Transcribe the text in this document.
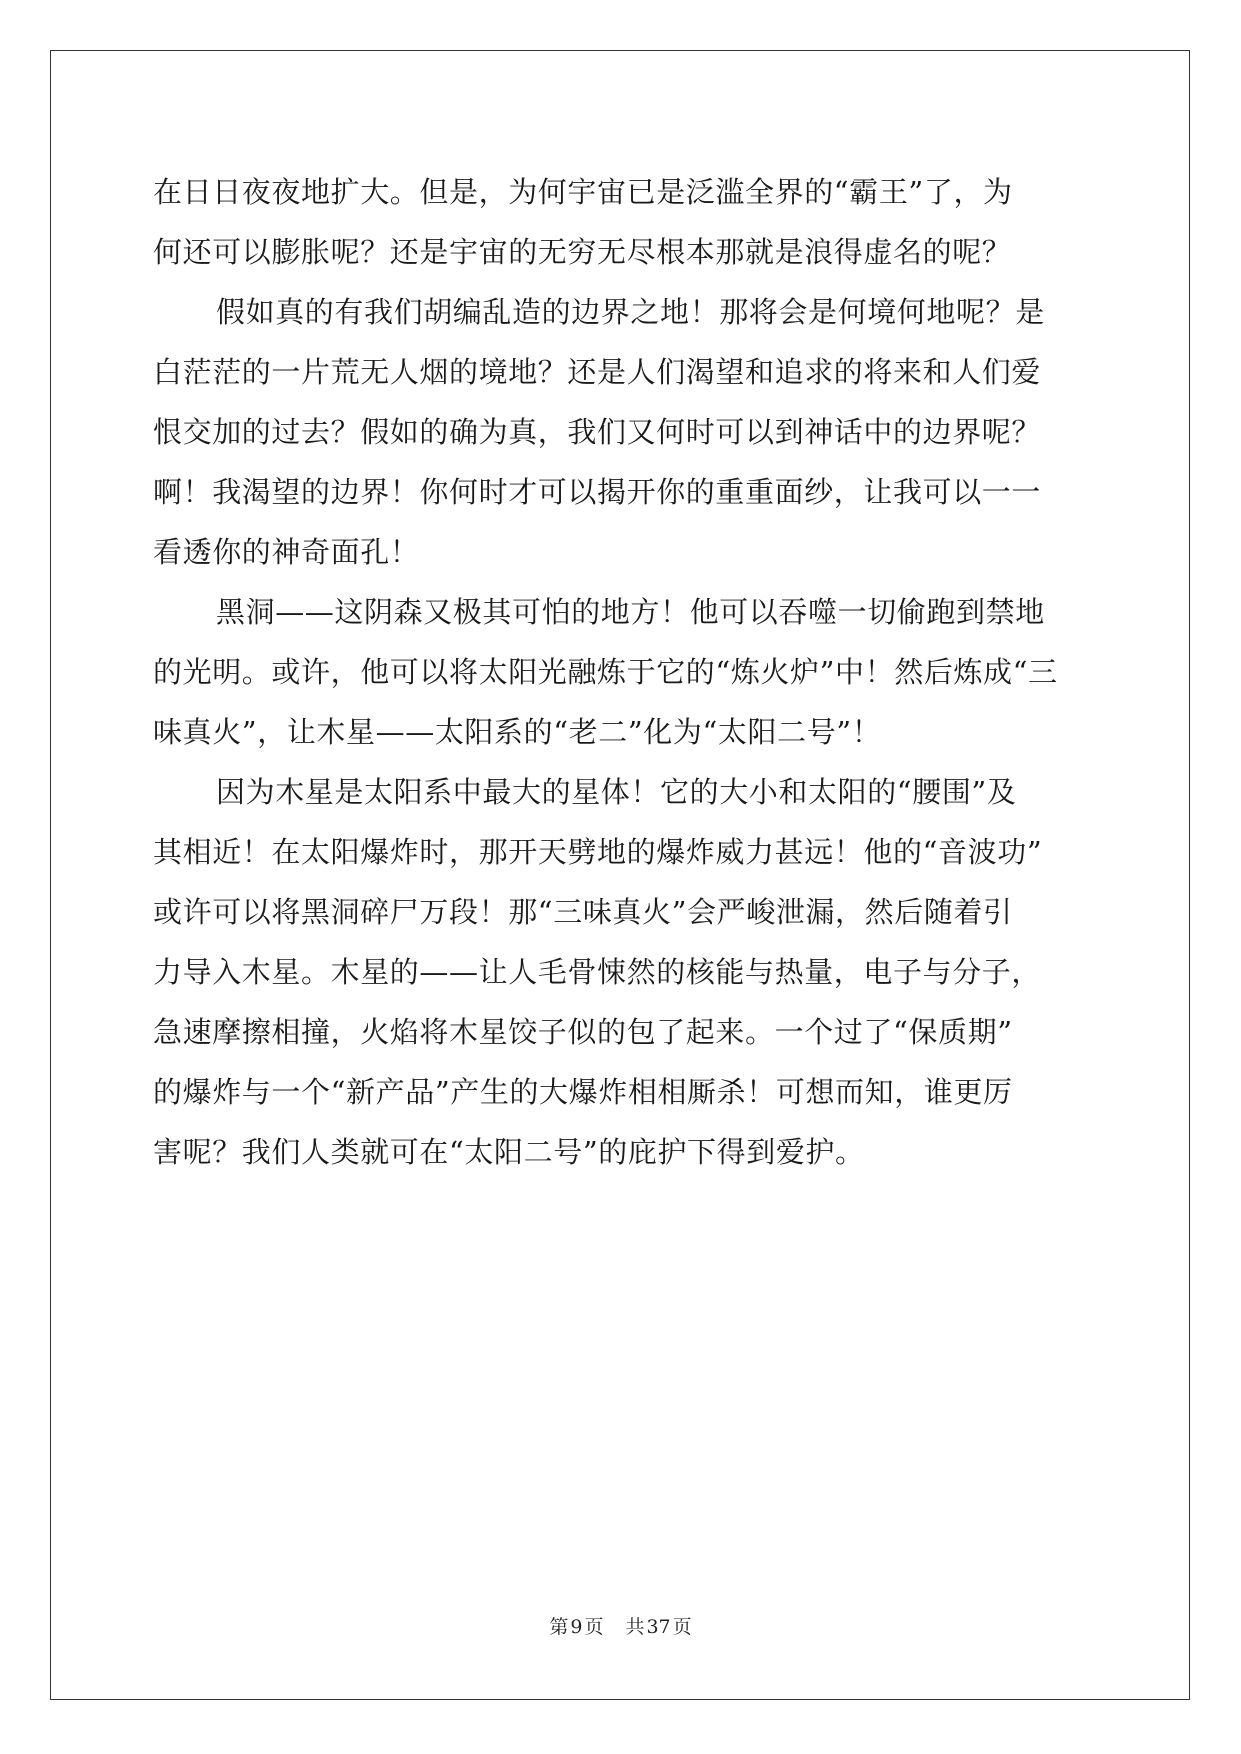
在日日夜夜地扩大。但是，为何宇宙已是泛滥全界的“霸王”了，为
何还可以膨胀呢？还是宇宙的无穷无尽根本那就是浪得虚名的呢？
假如真的有我们胡编乱造的边界之地！那将会是何境何地呢？是
白茫茫的一片荒无人烟的境地？还是人们渴望和追求的将来和人们爱
恨交加的过去？假如的确为真，我们又何时可以到神话中的边界呢？
啊！我渴望的边界！你何时才可以揭开你的重重面纱，让我可以一一
看透你的神奇面孔！
黑洞——这阴森又极其可怕的地方！他可以吞噬一切偷跑到禁地
的光明。或许，他可以将太阳光融炼于它的“炼火炉”中！然后炼成“三
味真火”，让木星——太阳系的“老二”化为“太阳二号”！
因为木星是太阳系中最大的星体！它的大小和太阳的“腰围”及
其相近！在太阳爆炸时，那开天劈地的爆炸威力甚远！他的“音波功”
或许可以将黑洞碎尸万段！那“三味真火”会严峻泄漏，然后随着引
力导入木星。木星的——让人毛骨悚然的核能与热量，电子与分子，
急速摩擦相撞，火焰将木星饺子似的包了起来。一个过了“保质期”
的爆炸与一个“新产品”产生的大爆炸相相厮杀！可想而知，谁更厉
害呢？我们人类就可在“太阳二号”的庇护下得到爱护。
第 9 页 共 37 页
